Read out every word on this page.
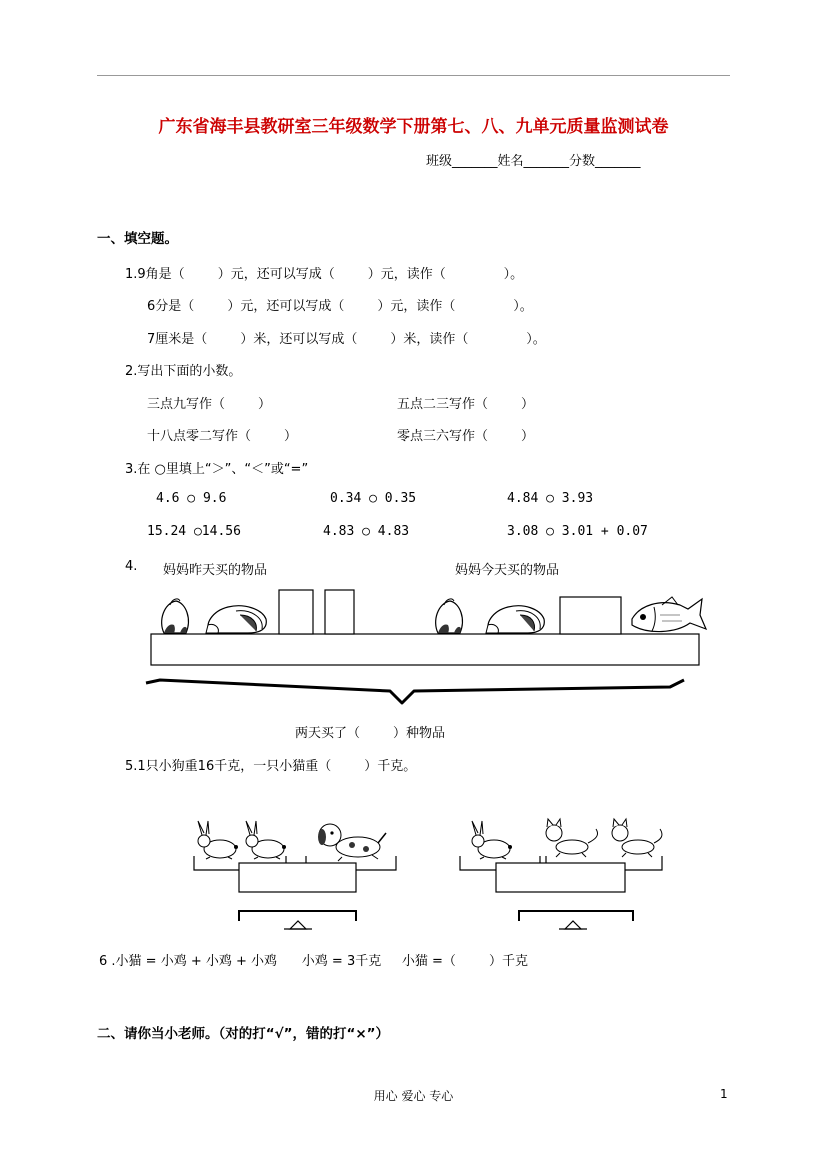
广东省海丰县教研室三年级数学下册第七、八、九单元质量监测试卷
班级_______姓名_______分数_______
一、填空题。
1.9角是（        ）元，还可以写成（        ）元，读作（              ）。
6分是（        ）元，还可以写成（        ）元，读作（              ）。
7厘米是（        ）米，还可以写成（        ）米，读作（              ）。
2.写出下面的小数。
三点九写作（        ）	五点二三写作（        ）
十八点零二写作（        ）	零点三六写作（        ）
3.在 ○里填上“＞”、“＜”或“=”
4.6 ○ 9.6	0.34 ○ 0.35	4.84 ○ 3.93
15.24 ○14.56	4.83 ○ 4.83	3.08 ○ 3.01 + 0.07
4. 妈妈昨天买的物品	妈妈今天买的物品
两天买了（        ）种物品
5.1只小狗重16千克，一只小猫重（        ）千克。
6 .小猫 = 小鸡 + 小鸡 + 小鸡      小鸡 = 3千克     小猫 =（        ）千克
二、请你当小老师。（对的打“√”，错的打“×”）
用心 爱心 专心	1
